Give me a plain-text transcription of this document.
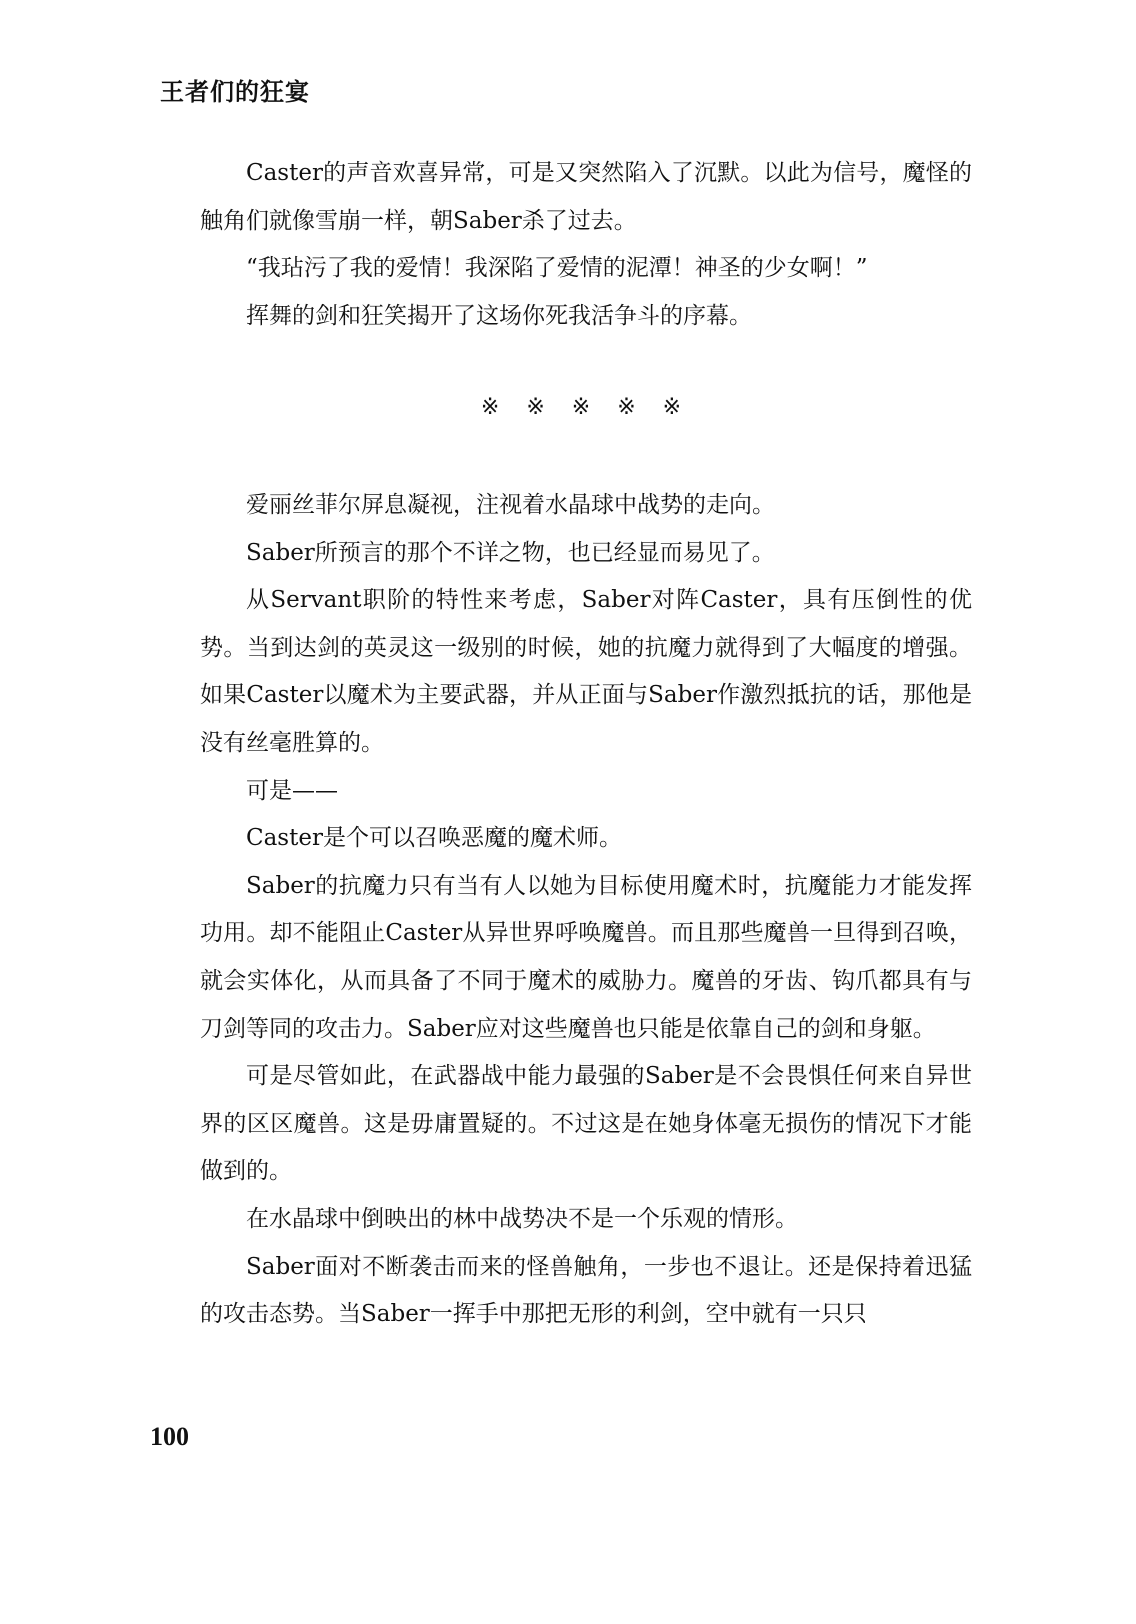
王者们的狂宴

Caster的声音欢喜异常，可是又突然陷入了沉默。以此为信号，魔怪的触角们就像雪崩一样，朝Saber杀了过去。

“我玷污了我的爱情！我深陷了爱情的泥潭！神圣的少女啊！”

挥舞的剑和狂笑揭开了这场你死我活争斗的序幕。

※ ※ ※ ※ ※

爱丽丝菲尔屏息凝视，注视着水晶球中战势的走向。

Saber所预言的那个不详之物，也已经显而易见了。

从Servant职阶的特性来考虑，Saber对阵Caster，具有压倒性的优势。当到达剑的英灵这一级别的时候，她的抗魔力就得到了大幅度的增强。如果Caster以魔术为主要武器，并从正面与Saber作激烈抵抗的话，那他是没有丝毫胜算的。

可是——

Caster是个可以召唤恶魔的魔术师。

Saber的抗魔力只有当有人以她为目标使用魔术时，抗魔能力才能发挥功用。却不能阻止Caster从异世界呼唤魔兽。而且那些魔兽一旦得到召唤，就会实体化，从而具备了不同于魔术的威胁力。魔兽的牙齿、钩爪都具有与刀剑等同的攻击力。Saber应对这些魔兽也只能是依靠自己的剑和身躯。

可是尽管如此，在武器战中能力最强的Saber是不会畏惧任何来自异世界的区区魔兽。这是毋庸置疑的。不过这是在她身体毫无损伤的情况下才能做到的。

在水晶球中倒映出的林中战势决不是一个乐观的情形。

Saber面对不断袭击而来的怪兽触角，一步也不退让。还是保持着迅猛的攻击态势。当Saber一挥手中那把无形的利剑，空中就有一只只

100
